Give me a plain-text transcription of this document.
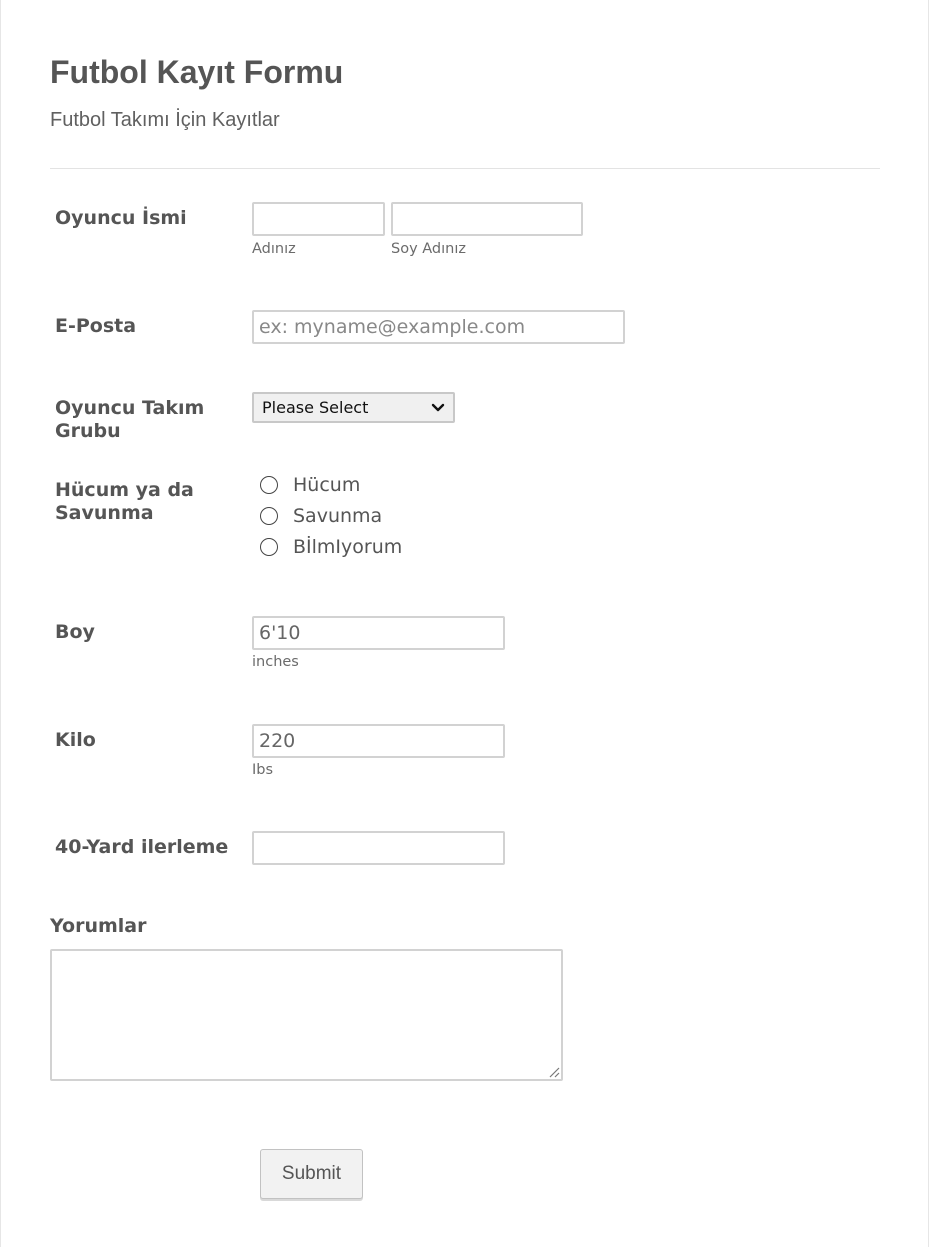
Futbol Kayıt Formu
Futbol Takımı İçin Kayıtlar
Oyuncu İsmi
Adınız	Soy Adınız
E-Posta
ex: myname@example.com
Oyuncu Takım
Grubu
Please Select
Hücum ya da
Savunma
Hücum
Savunma
BİlmIyorum
Boy
6'10
inches
Kilo
220
Ibs
40-Yard ilerleme
Yorumlar
Submit
